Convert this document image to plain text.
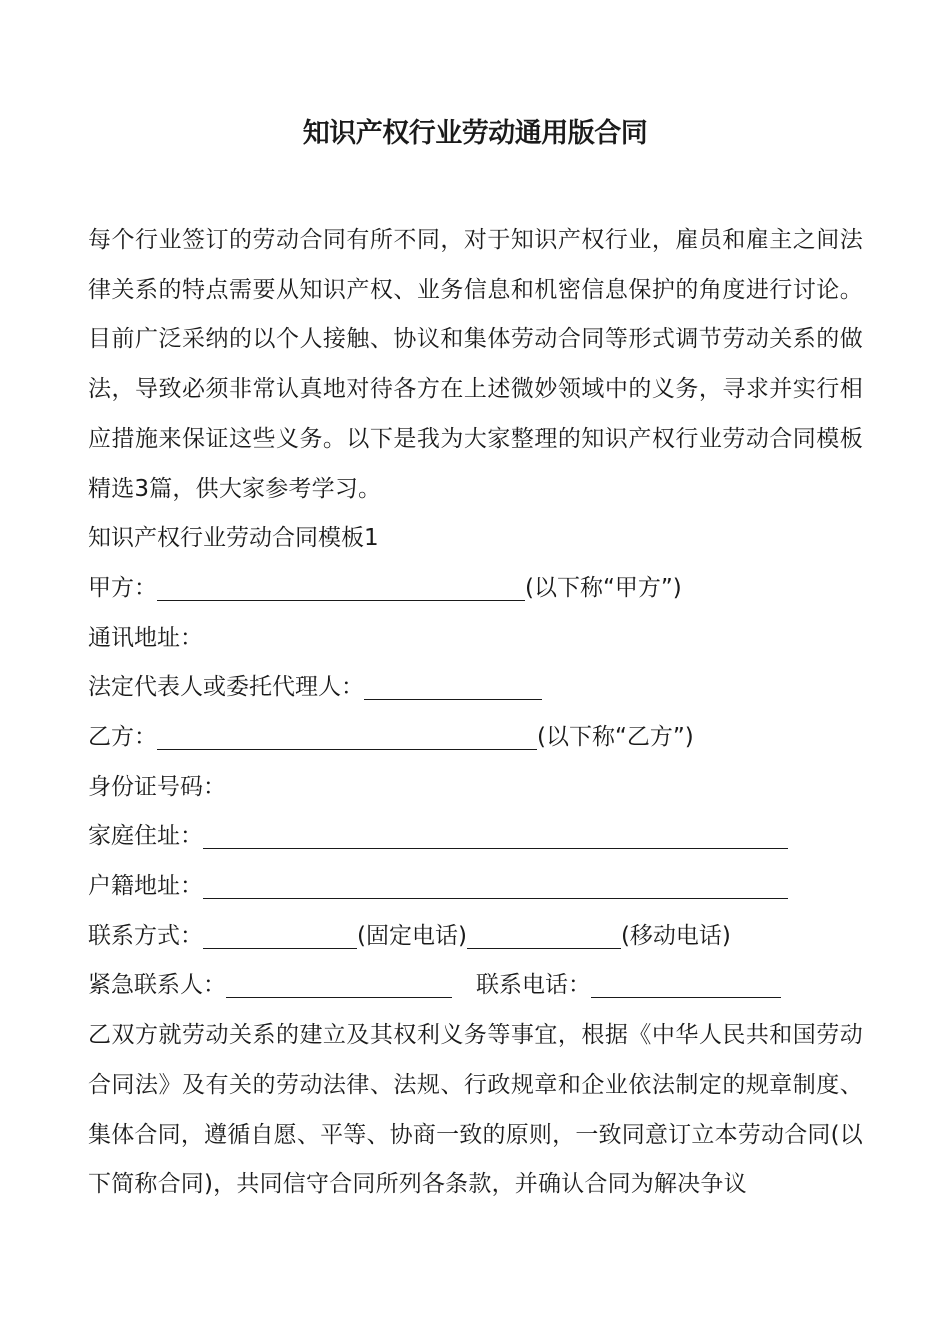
知识产权行业劳动通用版合同

每个行业签订的劳动合同有所不同，对于知识产权行业，雇员和雇主之间法律关系的特点需要从知识产权、业务信息和机密信息保护的角度进行讨论。目前广泛采纳的以个人接触、协议和集体劳动合同等形式调节劳动关系的做法，导致必须非常认真地对待各方在上述微妙领域中的义务，寻求并实行相应措施来保证这些义务。以下是我为大家整理的知识产权行业劳动合同模板精选3篇，供大家参考学习。

知识产权行业劳动合同模板1
甲方：	(以下称“甲方”)
通讯地址：
法定代表人或委托代理人：
乙方：	(以下称“乙方”)
身份证号码：
家庭住址：
户籍地址：
联系方式：	(固定电话)	(移动电话)
紧急联系人：	联系电话：

乙双方就劳动关系的建立及其权利义务等事宜，根据《中华人民共和国劳动合同法》及有关的劳动法律、法规、行政规章和企业依法制定的规章制度、集体合同，遵循自愿、平等、协商一致的原则，一致同意订立本劳动合同(以下简称合同)，共同信守合同所列各条款，并确认合同为解决争议
